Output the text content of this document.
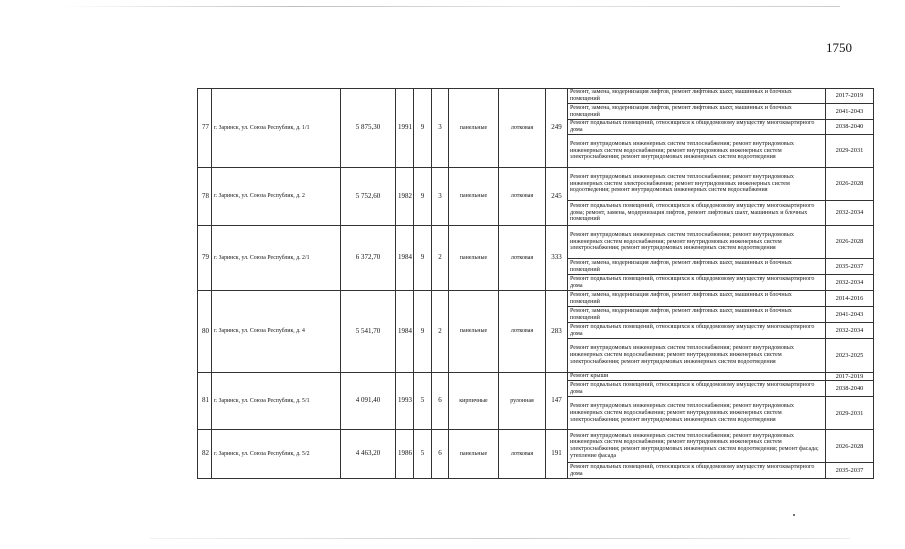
1750
77	г. Заринск, ул. Союза Республик, д. 1/1	5 875,30	1991	9	3	панельные	лотковая	249	Ремонт, замена, модернизация лифтов, ремонт лифтовых шахт, машинных и блочных помещений	2017-2019
									Ремонт, замена, модернизация лифтов, ремонт лифтовых шахт, машинных и блочных помещений	2041-2043
									Ремонт подвальных помещений, относящихся к общедомовому имуществу многоквартирного дома	2038-2040
									Ремонт внутридомовых инженерных систем теплоснабжения; ремонт внутридомовых инженерных систем водоснабжения; ремонт внутридомовых инженерных систем электроснабжения; ремонт внутридомовых инженерных систем водоотведения	2029-2031
78	г. Заринск, ул. Союза Республик, д. 2	5 752,60	1982	9	3	панельные	лотковая	245	Ремонт внутридомовых инженерных систем теплоснабжения; ремонт внутридомовых инженерных систем электроснабжения; ремонт внутридомовых инженерных систем водоотведения; ремонт внутридомовых инженерных систем водоснабжения	2026-2028
									Ремонт подвальных помещений, относящихся к общедомовому имуществу многоквартирного дома; ремонт, замена, модернизация лифтов, ремонт лифтовых шахт, машинных и блочных помещений	2032-2034
79	г. Заринск, ул. Союза Республик, д. 2/1	6 372,70	1984	9	2	панельные	лотковая	333	Ремонт внутридомовых инженерных систем теплоснабжения; ремонт внутридомовых инженерных систем водоснабжения; ремонт внутридомовых инженерных систем электроснабжения; ремонт внутридомовых инженерных систем водоотведения	2026-2028
									Ремонт, замена, модернизация лифтов, ремонт лифтовых шахт, машинных и блочных помещений	2035-2037
									Ремонт подвальных помещений, относящихся к общедомовому имуществу многоквартирного дома	2032-2034
80	г. Заринск, ул. Союза Республик, д. 4	5 541,70	1984	9	2	панельные	лотковая	283	Ремонт, замена, модернизация лифтов, ремонт лифтовых шахт, машинных и блочных помещений	2014-2016
									Ремонт, замена, модернизация лифтов, ремонт лифтовых шахт, машинных и блочных помещений	2041-2043
									Ремонт подвальных помещений, относящихся к общедомовому имуществу многоквартирного дома	2032-2034
									Ремонт внутридомовых инженерных систем теплоснабжения; ремонт внутридомовых инженерных систем водоснабжения; ремонт внутридомовых инженерных систем электроснабжения; ремонт внутридомовых инженерных систем водоотведения	2023-2025
81	г. Заринск, ул. Союза Республик, д. 5/1	4 091,40	1993	5	6	кирпичные	рулонная	147	Ремонт крыши	2017-2019
									Ремонт подвальных помещений, относящихся к общедомовому имуществу многоквартирного дома	2038-2040
									Ремонт внутридомовых инженерных систем теплоснабжения; ремонт внутридомовых инженерных систем водоснабжения; ремонт внутридомовых инженерных систем электроснабжения; ремонт внутридомовых инженерных систем водоотведения	2029-2031
82	г. Заринск, ул. Союза Республик, д. 5/2	4 463,20	1986	5	6	панельные	лотковая	191	Ремонт внутридомовых инженерных систем теплоснабжения; ремонт внутридомовых инженерных систем водоснабжения; ремонт внутридомовых инженерных систем электроснабжения; ремонт внутридомовых инженерных систем водоотведения; ремонт фасада; утепление фасада	2026-2028
									Ремонт подвальных помещений, относящихся к общедомовому имуществу многоквартирного дома	2035-2037
